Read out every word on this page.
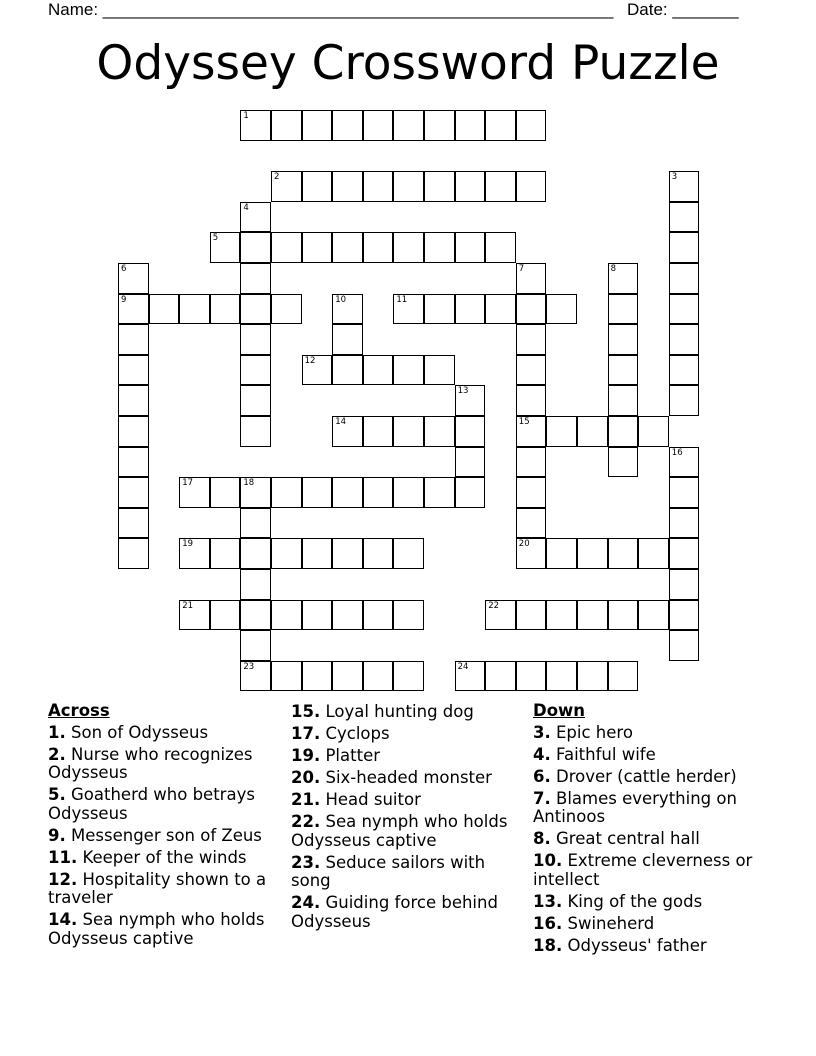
Name: ______________________________________________________ Date: _______
Odyssey Crossword Puzzle
1
2
5
9	11
12
14	15
17	18
19	20
21	22
23	24
3
4
6	7	8
10
13
16
Across
1. Son of Odysseus
2. Nurse who recognizes Odysseus
5. Goatherd who betrays Odysseus
9. Messenger son of Zeus
11. Keeper of the winds
12. Hospitality shown to a traveler
14. Sea nymph who holds Odysseus captive
15. Loyal hunting dog
17. Cyclops
19. Platter
20. Six-headed monster
21. Head suitor
22. Sea nymph who holds Odysseus captive
23. Seduce sailors with song
24. Guiding force behind Odysseus
Down
3. Epic hero
4. Faithful wife
6. Drover (cattle herder)
7. Blames everything on Antinoos
8. Great central hall
10. Extreme cleverness or intellect
13. King of the gods
16. Swineherd
18. Odysseus' father
